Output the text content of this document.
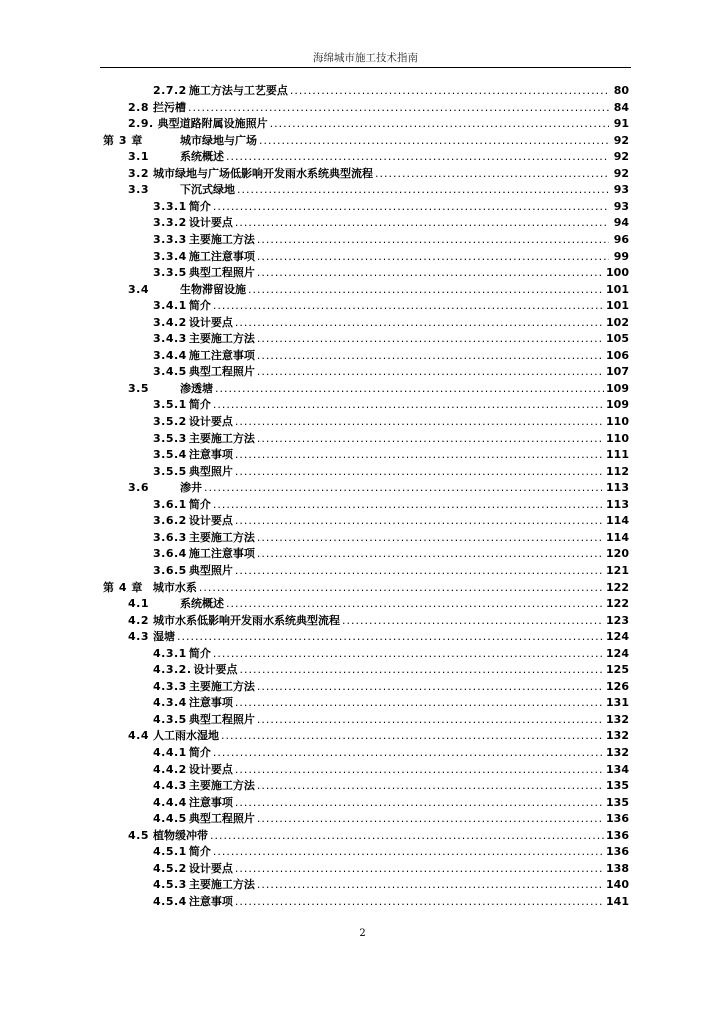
海绵城市施工技术指南
2.7.2 施工方法与工艺要点 .....	80
2.8 拦污槽 .....	84
2.9. 典型道路附属设施照片 .....	91
第 3 章	城市绿地与广场 .....	92
3.1	系统概述 .....	92
3.2 城市绿地与广场低影响开发雨水系统典型流程 .....	92
3.3	下沉式绿地 .....	93
3.3.1 简介 .....	93
3.3.2 设计要点 .....	94
3.3.3 主要施工方法 .....	96
3.3.4 施工注意事项 .....	99
3.3.5 典型工程照片 .....	100
3.4	生物滞留设施 .....	101
3.4.1 简介 .....	101
3.4.2 设计要点 .....	102
3.4.3 主要施工方法 .....	105
3.4.4 施工注意事项 .....	106
3.4.5 典型工程照片 .....	107
3.5	渗透塘 .....	109
3.5.1 简介 .....	109
3.5.2 设计要点 .....	110
3.5.3 主要施工方法 .....	110
3.5.4 注意事项 .....	111
3.5.5 典型照片 .....	112
3.6	渗井 .....	113
3.6.1 简介 .....	113
3.6.2 设计要点 .....	114
3.6.3 主要施工方法 .....	114
3.6.4 施工注意事项 .....	120
3.6.5 典型照片 .....	121
第 4 章 城市水系 .....	122
4.1	系统概述 .....	122
4.2 城市水系低影响开发雨水系统典型流程 .....	123
4.3 湿塘 .....	124
4.3.1 简介 .....	124
4.3.2. 设计要点 .....	125
4.3.3 主要施工方法 .....	126
4.3.4 注意事项 .....	131
4.3.5 典型工程照片 .....	132
4.4 人工雨水湿地 .....	132
4.4.1 简介 .....	132
4.4.2 设计要点 .....	134
4.4.3 主要施工方法 .....	135
4.4.4 注意事项 .....	135
4.4.5 典型工程照片 .....	136
4.5 植物缓冲带 .....	136
4.5.1 简介 .....	136
4.5.2 设计要点 .....	138
4.5.3 主要施工方法 .....	140
4.5.4 注意事项 .....	141
2
